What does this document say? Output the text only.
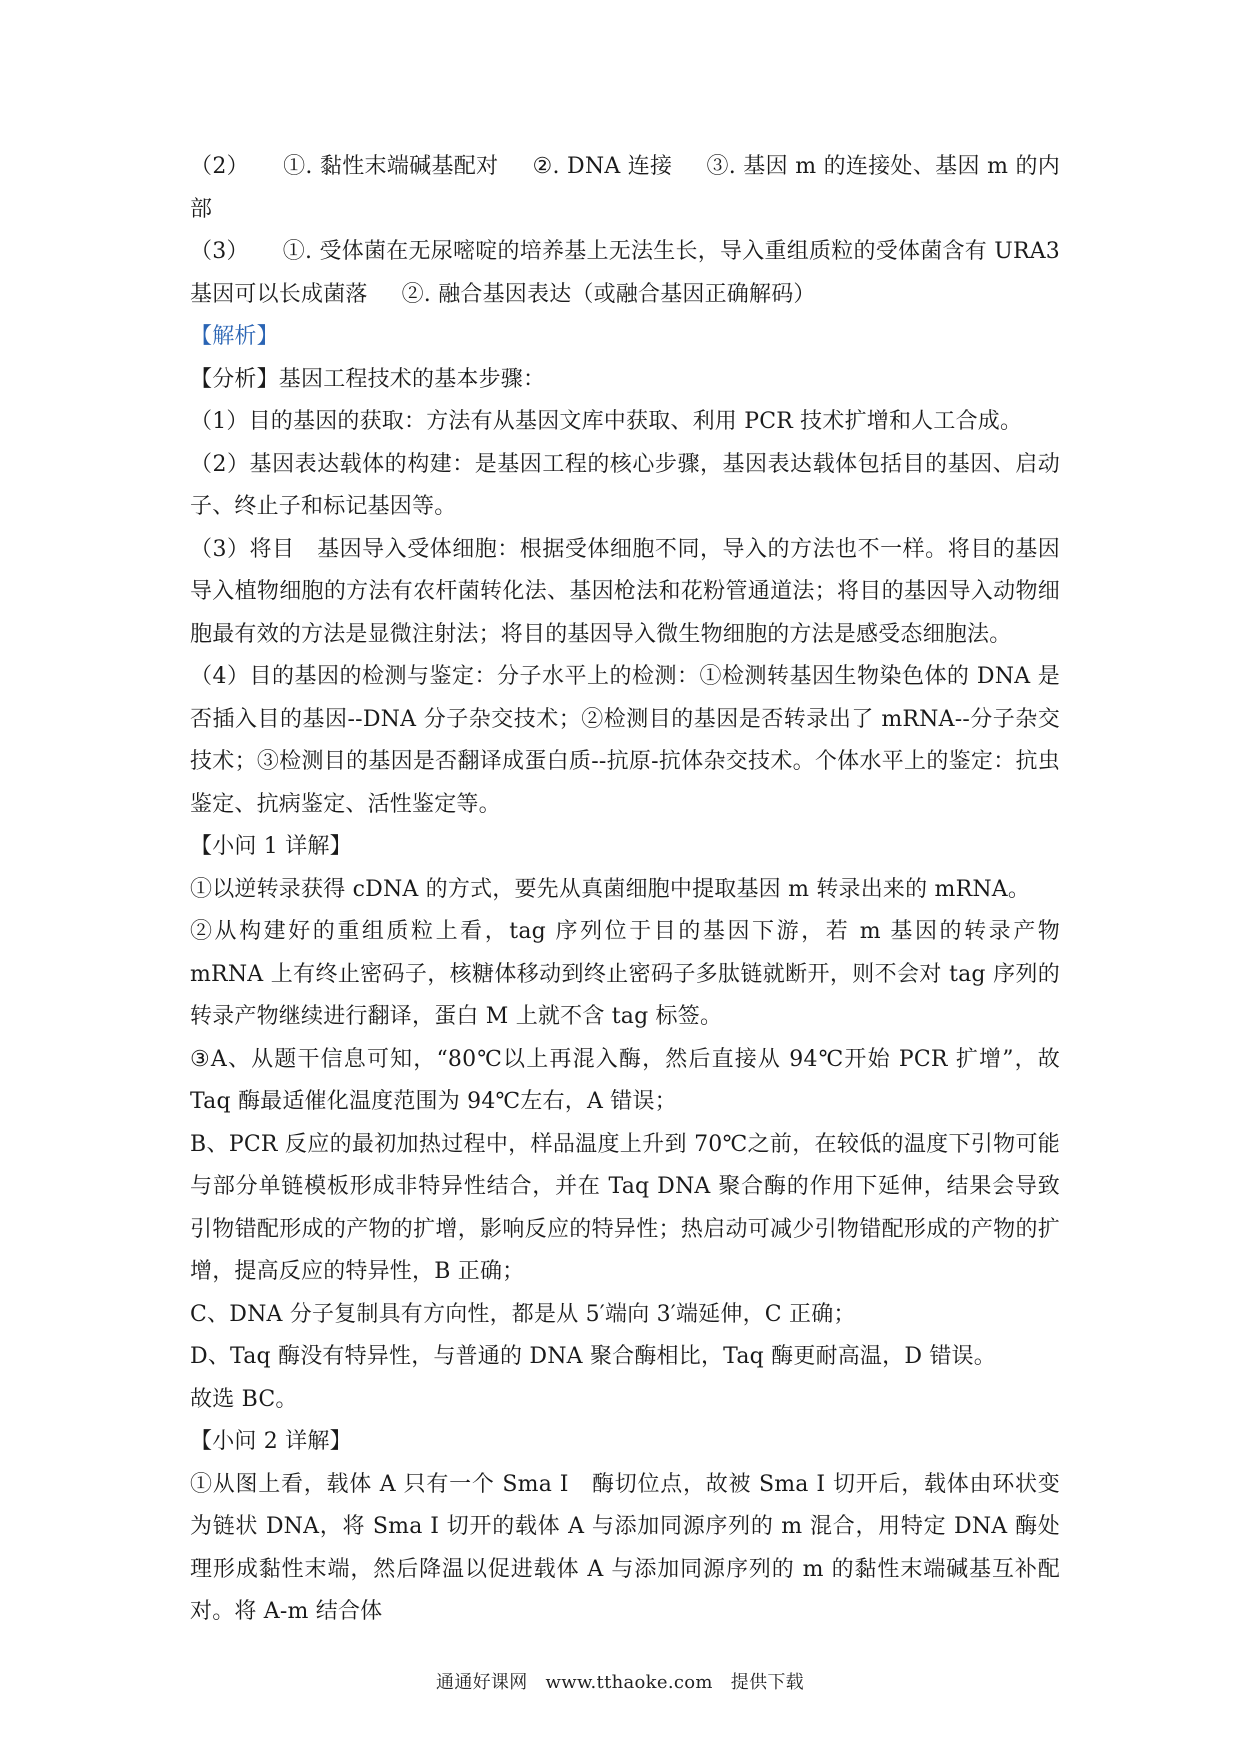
（2） ①. 黏性末端碱基配对 ②. DNA 连接 ③. 基因 m 的连接处、基因 m 的内部

（3） ①. 受体菌在无尿嘧啶的培养基上无法生长，导入重组质粒的受体菌含有 URA3 基因可以长成菌落 ②. 融合基因表达（或融合基因正确解码）

【解析】

【分析】基因工程技术的基本步骤：

（1）目的基因的获取：方法有从基因文库中获取、利用 PCR 技术扩增和人工合成。

（2）基因表达载体的构建：是基因工程的核心步骤，基因表达载体包括目的基因、启动子、终止子和标记基因等。

（3）将目　基因导入受体细胞：根据受体细胞不同，导入的方法也不一样。将目的基因导入植物细胞的方法有农杆菌转化法、基因枪法和花粉管通道法；将目的基因导入动物细胞最有效的方法是显微注射法；将目的基因导入微生物细胞的方法是感受态细胞法。

（4）目的基因的检测与鉴定：分子水平上的检测：①检测转基因生物染色体的 DNA 是否插入目的基因--DNA 分子杂交技术；②检测目的基因是否转录出了 mRNA--分子杂交技术；③检测目的基因是否翻译成蛋白质--抗原-抗体杂交技术。个体水平上的鉴定：抗虫鉴定、抗病鉴定、活性鉴定等。

【小问 1 详解】

①以逆转录获得 cDNA 的方式，要先从真菌细胞中提取基因 m 转录出来的 mRNA。

②从构建好的重组质粒上看，tag 序列位于目的基因下游，若 m 基因的转录产物 mRNA 上有终止密码子，核糖体移动到终止密码子多肽链就断开，则不会对 tag 序列的转录产物继续进行翻译，蛋白 M 上就不含 tag 标签。

③A、从题干信息可知，“80℃以上再混入酶，然后直接从 94℃开始 PCR 扩增”，故 Taq 酶最适催化温度范围为 94℃左右，A 错误；

B、PCR 反应的最初加热过程中，样品温度上升到 70℃之前，在较低的温度下引物可能与部分单链模板形成非特异性结合，并在 Taq DNA 聚合酶的作用下延伸，结果会导致引物错配形成的产物的扩增，影响反应的特异性；热启动可减少引物错配形成的产物的扩增，提高反应的特异性，B 正确；

C、DNA 分子复制具有方向性，都是从 5′端向 3′端延伸，C 正确；

D、Taq 酶没有特异性，与普通的 DNA 聚合酶相比，Taq 酶更耐高温，D 错误。

故选 BC。

【小问 2 详解】

①从图上看，载体 A 只有一个 Sma I　酶切位点，故被 Sma I 切开后，载体由环状变为链状 DNA，将 Sma I 切开的载体 A 与添加同源序列的 m 混合，用特定 DNA 酶处理形成黏性末端，然后降温以促进载体 A 与添加同源序列的 m 的黏性末端碱基互补配对。将 A-m 结合体

通通好课网 www.tthaoke.com 提供下载
